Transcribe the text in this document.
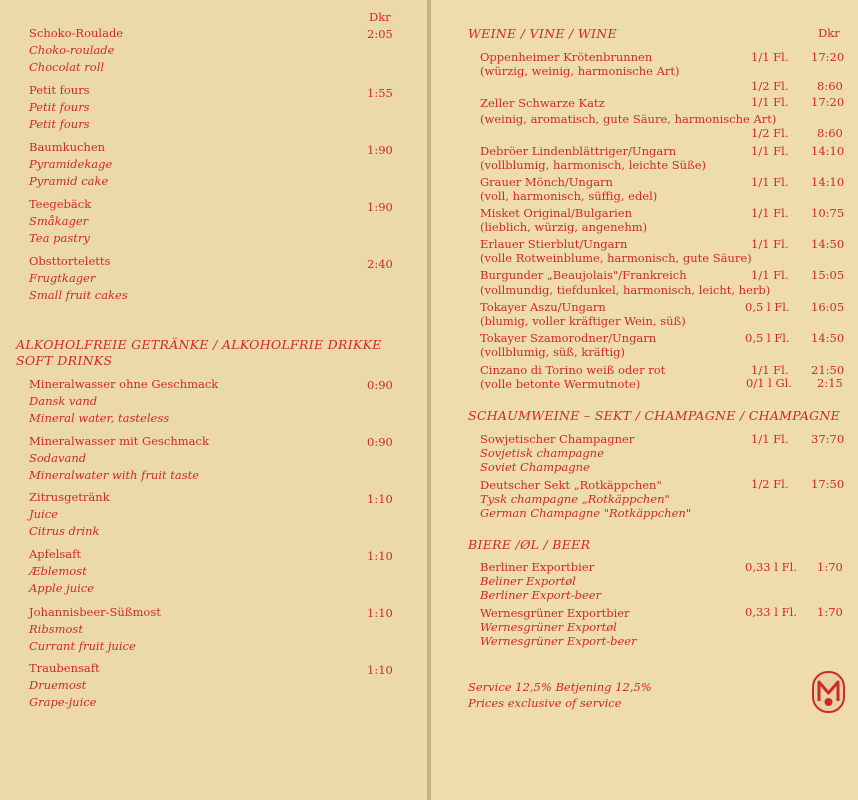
Dkr
Schoko-Roulade
Choko-roulade
Chocolat roll
2:05
Petit fours
Petit fours
Petit fours
1:55
Baumkuchen
Pyramidekage
Pyramid cake
1:90
Teegebäck
Småkager
Tea pastry
1:90
Obsttorteletts
Frugtkager
Small fruit cakes
2:40
ALKOHOLFREIE GETRÄNKE / ALKOHOLFRIE DRIKKE
SOFT DRINKS
Mineralwasser ohne Geschmack
Dansk vand
Mineral water, tasteless
0:90
Mineralwasser mit Geschmack
Sodavand
Mineralwater with fruit taste
0:90
Zitrusgetränk
Juice
Citrus drink
1:10
Apfelsaft
Æblemost
Apple juice
1:10
Johannisbeer-Süßmost
Ribsmost
Currant fruit juice
1:10
Traubensaft
Druemost
Grape-juice
1:10
WEINE / VINE / WINE	Dkr
Oppenheimer Krötenbrunnen
(würzig, weinig, harmonische Art)
1/1 Fl. 17:20
1/2 Fl. 8:60
Zeller Schwarze Katz
(weinig, aromatisch, gute Säure, harmonische Art)
1/1 Fl. 17:20
1/2 Fl. 8:60
Debröer Lindenblättriger/Ungarn
(vollblumig, harmonisch, leichte Süße)
1/1 Fl. 14:10
Grauer Mönch/Ungarn
(voll, harmonisch, süffig, edel)
1/1 Fl. 14:10
Misket Original/Bulgarien
(lieblich, würzig, angenehm)
1/1 Fl. 10:75
Erlauer Stierblut/Ungarn
(volle Rotweinblume, harmonisch, gute Säure)
1/1 Fl. 14:50
Burgunder „Beaujolais"/Frankreich
(vollmundig, tiefdunkel, harmonisch, leicht, herb)
1/1 Fl. 15:05
Tokayer Aszu/Ungarn
(blumig, voller kräftiger Wein, süß)
0,5 l Fl. 16:05
Tokayer Szamorodner/Ungarn
(vollblumig, süß, kräftig)
0,5 l Fl. 14:50
Cinzano di Torino weiß oder rot
(volle betonte Wermutnote)
1/1 Fl. 21:50
0/1 l Gl. 2:15
SCHAUMWEINE – SEKT / CHAMPAGNE / CHAMPAGNE
Sowjetischer Champagner
Sovjetisk champagne
Soviet Champagne
1/1 Fl. 37:70
Deutscher Sekt „Rotkäppchen"
Tysk champagne „Rotkäppchen"
German Champagne "Rotkäppchen"
1/2 Fl. 17:50
BIERE /ØL / BEER
Berliner Exportbier
Beliner Exportøl
Berliner Export-beer
0,33 l Fl. 1:70
Wernesgrüner Exportbier
Wernesgrüner Exportøl
Wernesgrüner Export-beer
0,33 l Fl. 1:70
Service 12,5% Betjening 12,5%
Prices exclusive of service
